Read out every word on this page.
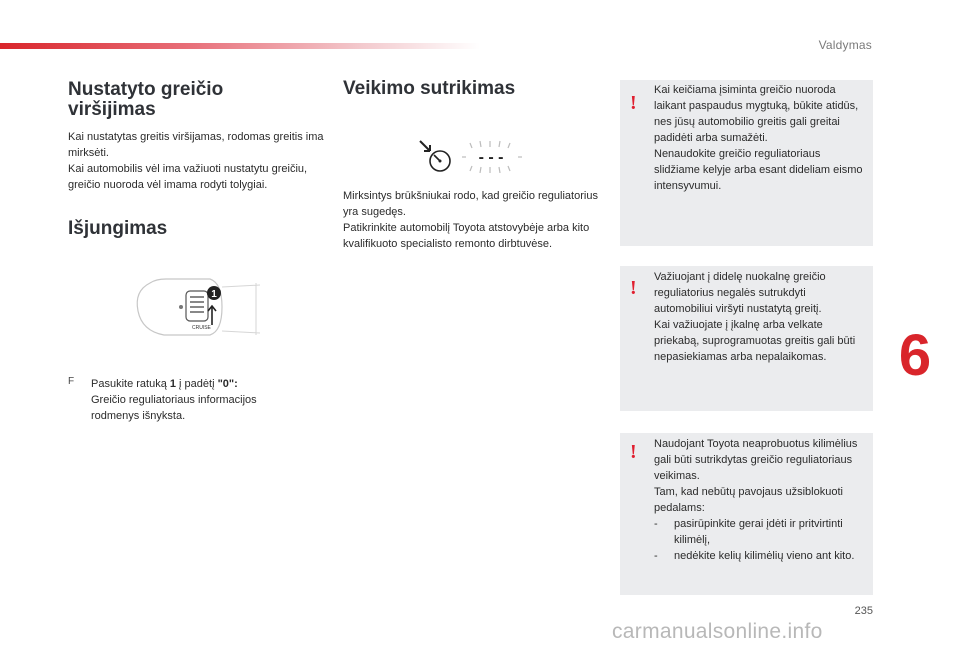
Valdymas
Nustatyto greičio viršijimas

Kai nustatytas greitis viršijamas, rodomas greitis ima mirksėti.

Kai automobilis vėl ima važiuoti nustatytu greičiu, greičio nuoroda vėl imama rodyti tolygiai.

Išjungimas
1
CRUISE
F Pasukite ratuką 1 į padėtį "0":
Greičio reguliatoriaus informacijos rodmenys išnyksta.

Veikimo sutrikimas
- - -

Mirksintys brūkšniukai rodo, kad greičio reguliatorius yra sugedęs.

Patikrinkite automobilį Toyota atstovybėje arba kito kvalifikuoto specialisto remonto dirbtuvėse.

!

Kai keičiama įsiminta greičio nuoroda laikant paspaudus mygtuką, būkite atidūs, nes jūsų automobilio greitis gali greitai padidėti arba sumažėti.

Nenaudokite greičio reguliatoriaus slidžiame kelyje arba esant dideliam eismo intensyvumui.

! Važiuojant į didelę nuokalnę greičio reguliatorius negalės sutrukdyti automobiliui viršyti nustatytą greitį.

Kai važiuojate į įkalnę arba velkate priekabą, suprogramuotas greitis gali būti nepasiekiamas arba nepalaikomas.

! Naudojant Toyota neaprobuotus kilimėlius gali būti sutrikdytas greičio reguliatoriaus veikimas.

Tam, kad nebūtų pavojaus užsiblokuoti pedalams:

- pasirūpinkite gerai įdėti ir pritvirtinti kilimėlį,
- nedėkite kelių kilimėlių vieno ant kito.
6
235
carmanualsonline.info
